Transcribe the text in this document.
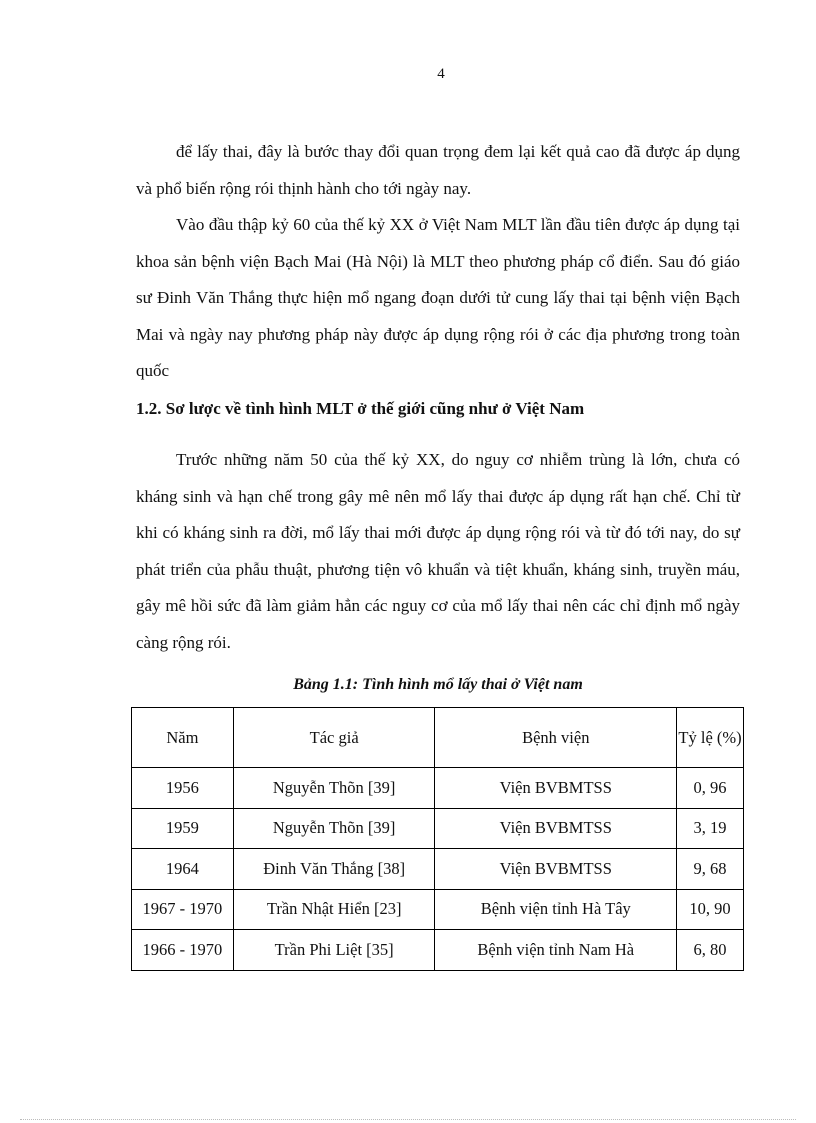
4

để lấy thai, đây là bước thay đổi quan trọng đem lại kết quả cao đã được áp dụng và phổ biến rộng rói thịnh hành cho tới ngày nay.

Vào đầu thập kỷ 60 của thế kỷ XX ở Việt Nam MLT lần đầu tiên được áp dụng tại khoa sản bệnh viện Bạch Mai (Hà Nội) là MLT theo phương pháp cổ điển. Sau đó giáo sư Đinh Văn Thắng thực hiện mổ ngang đoạn dưới tử cung lấy thai tại bệnh viện Bạch Mai và ngày nay phương pháp này được áp dụng rộng rói ở các địa phương trong toàn quốc

1.2. Sơ lược về tình hình MLT ở thế giới cũng như ở Việt Nam

Trước những năm 50 của thế kỷ XX, do nguy cơ nhiễm trùng là lớn, chưa có kháng sinh và hạn chế trong gây mê nên mổ lấy thai được áp dụng rất hạn chế. Chỉ từ khi có kháng sinh ra đời, mổ lấy thai mới được áp dụng rộng rói và từ đó tới nay, do sự phát triển của phẫu thuật, phương tiện vô khuẩn và tiệt khuẩn, kháng sinh, truyền máu, gây mê hồi sức đã làm giảm hẳn các nguy cơ của mổ lấy thai nên các chỉ định mổ ngày càng rộng rói.

Bảng 1.1: Tình hình mổ lấy thai ở Việt nam
Năm	Tác giả	Bệnh viện	Tỷ lệ (%)
1956	Nguyễn Thõn [39]	Viện BVBMTSS	0, 96
1959	Nguyễn Thõn [39]	Viện BVBMTSS	3, 19
1964	Đinh Văn Thắng [38]	Viện BVBMTSS	9, 68
1967 - 1970	Trần Nhật Hiển [23]	Bệnh viện tỉnh Hà Tây	10, 90
1966 - 1970	Trần Phi Liệt [35]	Bệnh viện tỉnh Nam Hà	6, 80
